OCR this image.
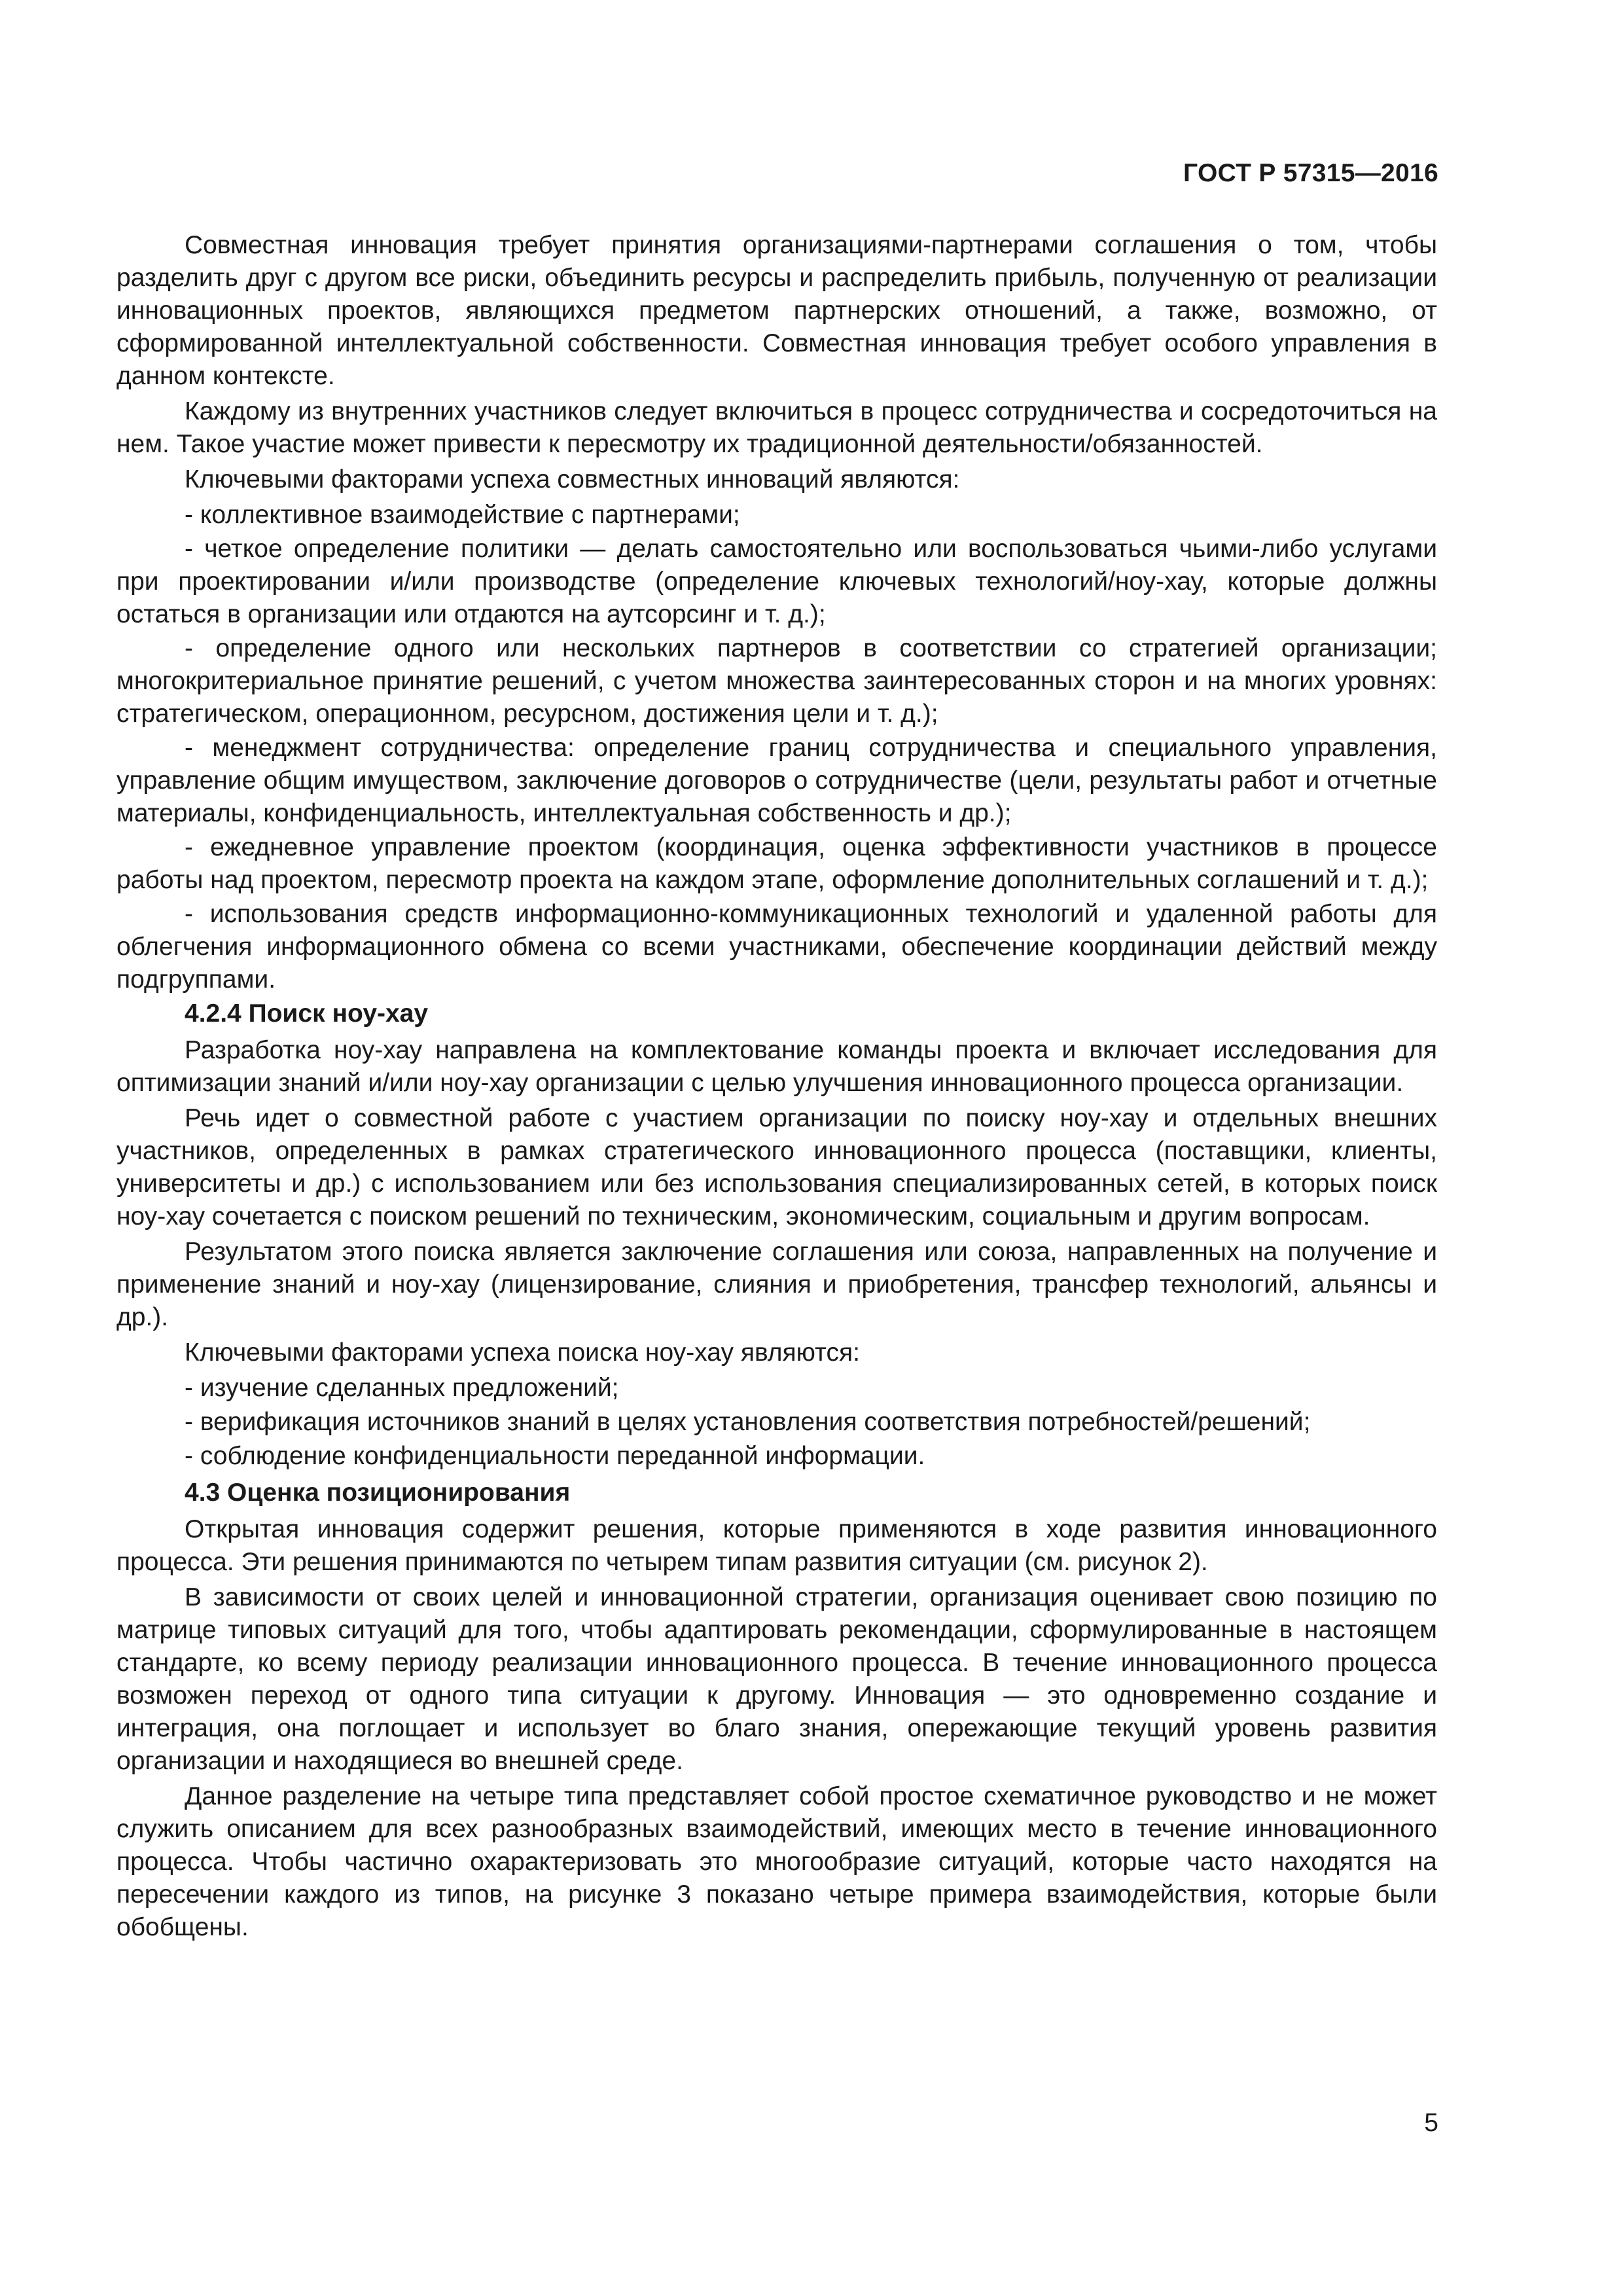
ГОСТ Р 57315—2016

Совместная инновация требует принятия организациями-партнерами соглашения о том, чтобы разделить друг с другом все риски, объединить ресурсы и распределить прибыль, полученную от реализации инновационных проектов, являющихся предметом партнерских отношений, а также, возможно, от сформированной интеллектуальной собственности. Совместная инновация требует особого управления в данном контексте.

Каждому из внутренних участников следует включиться в процесс сотрудничества и сосредоточиться на нем. Такое участие может привести к пересмотру их традиционной деятельности/обязанностей.

Ключевыми факторами успеха совместных инноваций являются:

- коллективное взаимодействие с партнерами;

- четкое определение политики — делать самостоятельно или воспользоваться чьими-либо услугами при проектировании и/или производстве (определение ключевых технологий/ноу-хау, которые должны остаться в организации или отдаются на аутсорсинг и т. д.);

- определение одного или нескольких партнеров в соответствии со стратегией организации; многокритериальное принятие решений, с учетом множества заинтересованных сторон и на многих уровнях: стратегическом, операционном, ресурсном, достижения цели и т. д.);

- менеджмент сотрудничества: определение границ сотрудничества и специального управления, управление общим имуществом, заключение договоров о сотрудничестве (цели, результаты работ и отчетные материалы, конфиденциальность, интеллектуальная собственность и др.);

- ежедневное управление проектом (координация, оценка эффективности участников в процессе работы над проектом, пересмотр проекта на каждом этапе, оформление дополнительных соглашений и т. д.);

- использования средств информационно-коммуникационных технологий и удаленной работы для облегчения информационного обмена со всеми участниками, обеспечение координации действий между подгруппами.

4.2.4 Поиск ноу-хау

Разработка ноу-хау направлена на комплектование команды проекта и включает исследования для оптимизации знаний и/или ноу-хау организации с целью улучшения инновационного процесса организации.

Речь идет о совместной работе с участием организации по поиску ноу-хау и отдельных внешних участников, определенных в рамках стратегического инновационного процесса (поставщики, клиенты, университеты и др.) с использованием или без использования специализированных сетей, в которых поиск ноу-хау сочетается с поиском решений по техническим, экономическим, социальным и другим вопросам.

Результатом этого поиска является заключение соглашения или союза, направленных на получение и применение знаний и ноу-хау (лицензирование, слияния и приобретения, трансфер технологий, альянсы и др.).

Ключевыми факторами успеха поиска ноу-хау являются:

- изучение сделанных предложений;

- верификация источников знаний в целях установления соответствия потребностей/решений;

- соблюдение конфиденциальности переданной информации.

4.3 Оценка позиционирования

Открытая инновация содержит решения, которые применяются в ходе развития инновационного процесса. Эти решения принимаются по четырем типам развития ситуации (см. рисунок 2).

В зависимости от своих целей и инновационной стратегии, организация оценивает свою позицию по матрице типовых ситуаций для того, чтобы адаптировать рекомендации, сформулированные в настоящем стандарте, ко всему периоду реализации инновационного процесса. В течение инновационного процесса возможен переход от одного типа ситуации к другому. Инновация — это одновременно создание и интеграция, она поглощает и использует во благо знания, опережающие текущий уровень развития организации и находящиеся во внешней среде.

Данное разделение на четыре типа представляет собой простое схематичное руководство и не может служить описанием для всех разнообразных взаимодействий, имеющих место в течение инновационного процесса. Чтобы частично охарактеризовать это многообразие ситуаций, которые часто находятся на пересечении каждого из типов, на рисунке 3 показано четыре примера взаимодействия, которые были обобщены.

5
